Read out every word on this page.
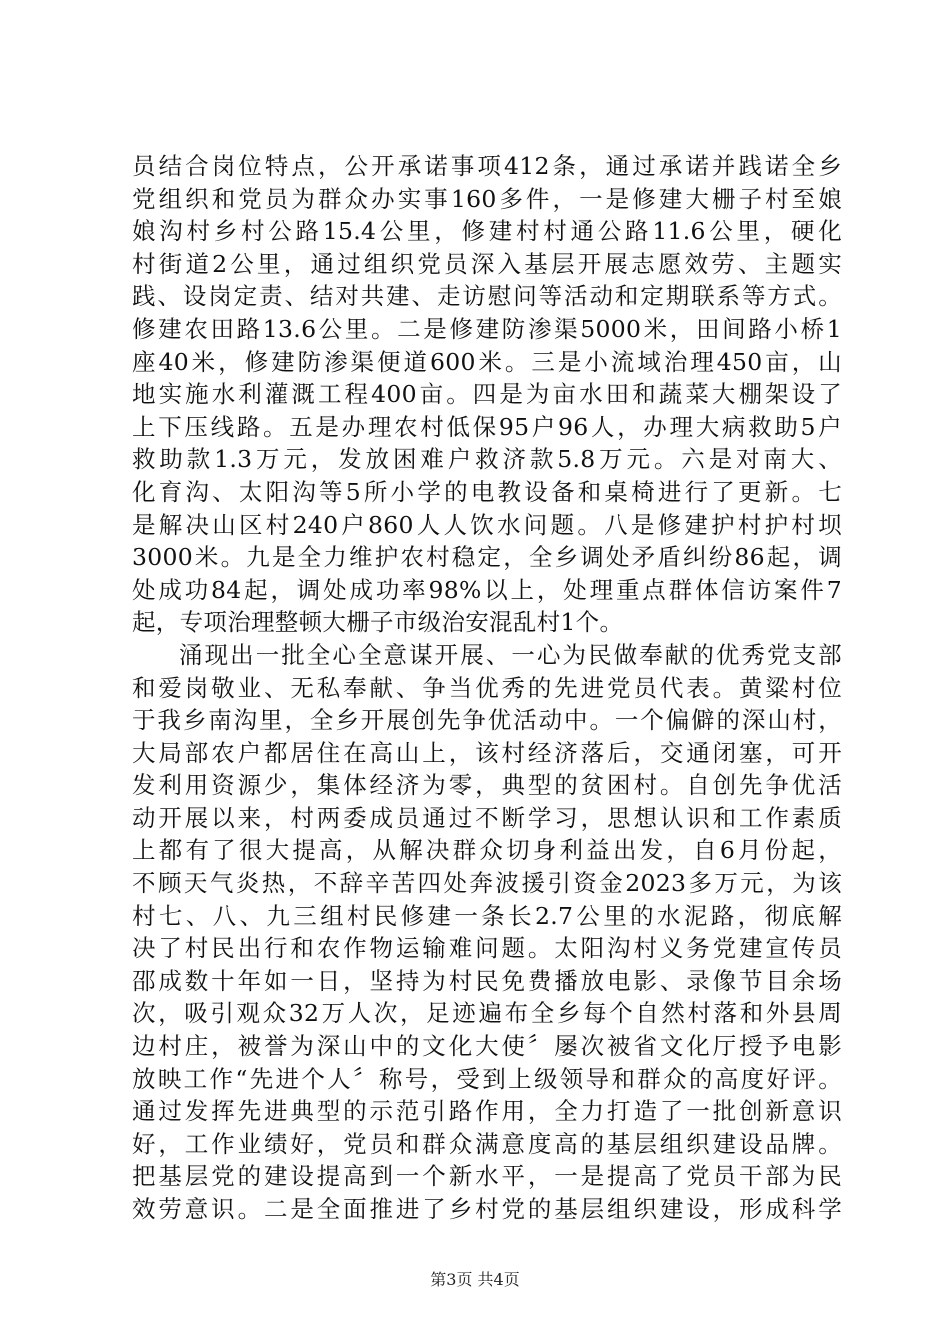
员结合岗位特点，公开承诺事项412条，通过承诺并践诺全乡
党组织和党员为群众办实事160多件，一是修建大栅子村至娘
娘沟村乡村公路15.4公里，修建村村通公路11.6公里，硬化
村街道2公里，通过组织党员深入基层开展志愿效劳、主题实
践、设岗定责、结对共建、走访慰问等活动和定期联系等方式。
修建农田路13.6公里。二是修建防渗渠5000米，田间路小桥1
座40米，修建防渗渠便道600米。三是小流域治理450亩，山
地实施水利灌溉工程400亩。四是为亩水田和蔬菜大棚架设了
上下压线路。五是办理农村低保95户96人，办理大病救助5户
救助款1.3万元，发放困难户救济款5.8万元。六是对南大、
化育沟、太阳沟等5所小学的电教设备和桌椅进行了更新。七
是解决山区村240户860人人饮水问题。八是修建护村护村坝
3000米。九是全力维护农村稳定，全乡调处矛盾纠纷86起，调
处成功84起，调处成功率98%以上，处理重点群体信访案件7
起，专项治理整顿大栅子市级治安混乱村1个。

涌现出一批全心全意谋开展、一心为民做奉献的优秀党支部
和爱岗敬业、无私奉献、争当优秀的先进党员代表。黄粱村位
于我乡南沟里，全乡开展创先争优活动中。一个偏僻的深山村，
大局部农户都居住在高山上，该村经济落后，交通闭塞，可开
发利用资源少，集体经济为零，典型的贫困村。自创先争优活
动开展以来，村两委成员通过不断学习，思想认识和工作素质
上都有了很大提高，从解决群众切身利益出发，自6月份起，
不顾天气炎热，不辞辛苦四处奔波援引资金2023多万元，为该
村七、八、九三组村民修建一条长2.7公里的水泥路，彻底解
决了村民出行和农作物运输难问题。太阳沟村义务党建宣传员
邵成数十年如一日，坚持为村民免费播放电影、录像节目余场
次，吸引观众32万人次，足迹遍布全乡每个自然村落和外县周
边村庄，被誉为深山中的文化大使〞屡次被省文化厅授予电影
放映工作“先进个人〞称号，受到上级领导和群众的高度好评。
通过发挥先进典型的示范引路作用，全力打造了一批创新意识
好，工作业绩好，党员和群众满意度高的基层组织建设品牌。
把基层党的建设提高到一个新水平，一是提高了党员干部为民
效劳意识。二是全面推进了乡村党的基层组织建设，形成科学

第3页 共4页
